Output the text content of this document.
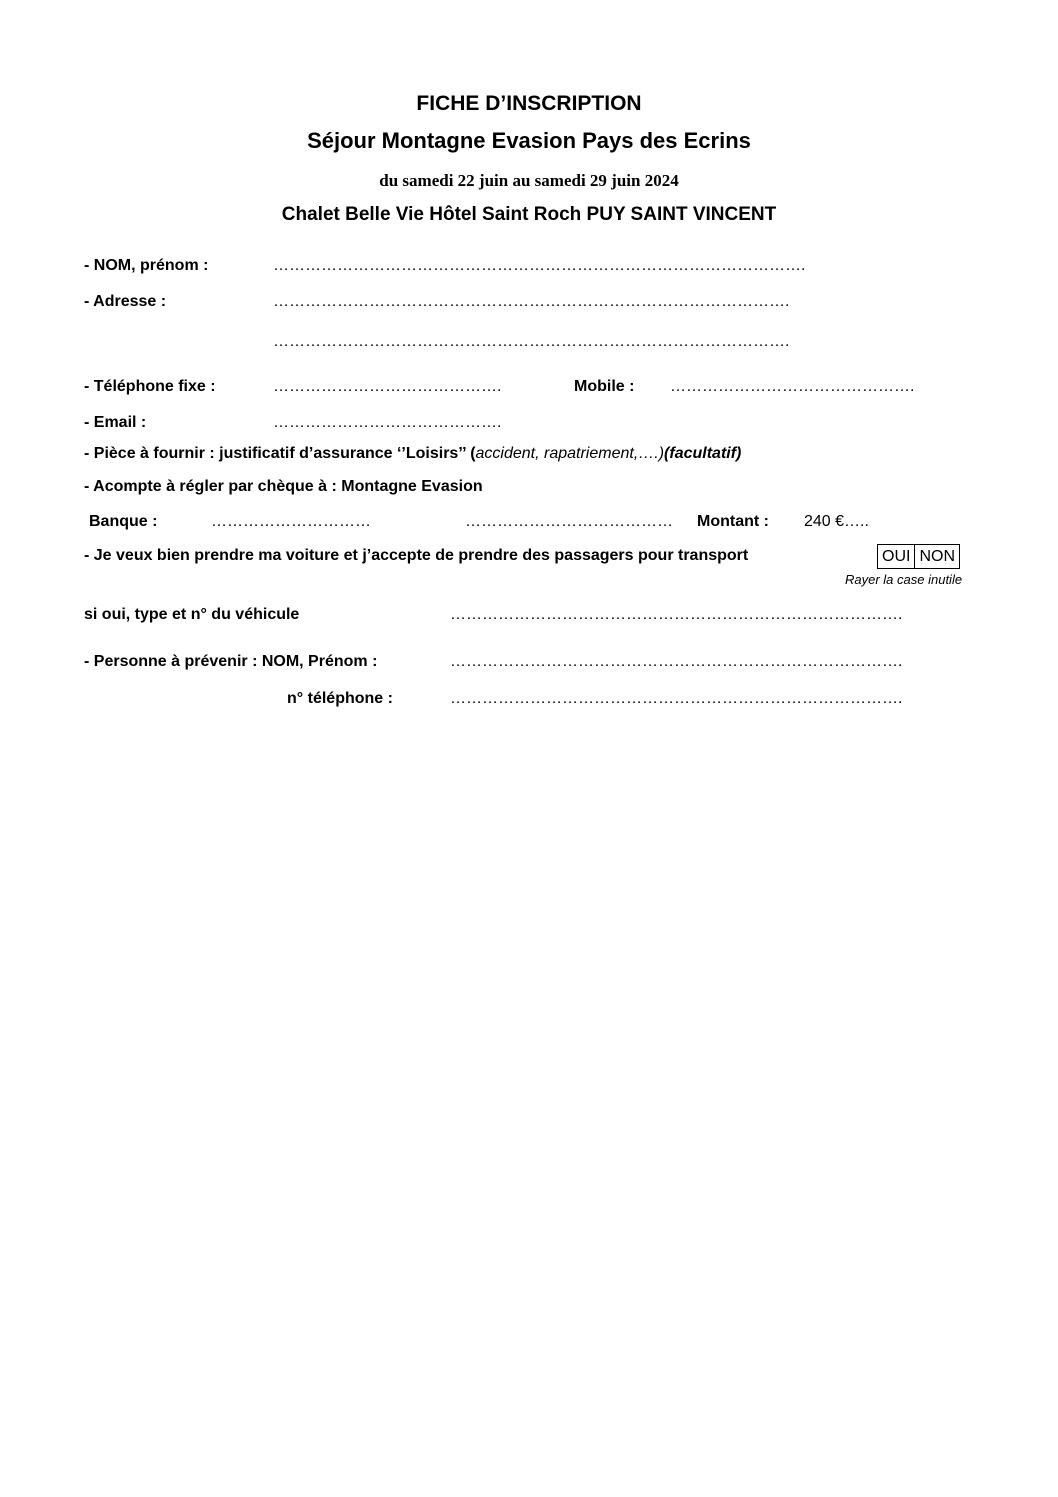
FICHE D’INSCRIPTION
Séjour Montagne Evasion Pays des Ecrins
du samedi 22 juin au samedi 29 juin 2024
Chalet Belle Vie Hôtel Saint Roch PUY SAINT VINCENT
- NOM, prénom :	……………………………………………………………………………………….
- Adresse :	…………………………………………………………………………………….
…………………………………………………………………………………….
- Téléphone fixe :	…………………………………….	Mobile : ……………………………………….
- Email :	…………………………………….
- Pièce à fournir : justificatif d’assurance ‘’Loisirs’’ (accident, rapatriement,….)(facultatif)
- Acompte à régler par chèque à : Montagne Evasion
Banque :	…………………………	………………………………… Montant : 240 €…..
- Je veux bien prendre ma voiture et j’accepte de prendre des passagers pour transport	OUI NON
Rayer la case inutile
si oui, type et n° du véhicule	………………………………………………………………………….
- Personne à prévenir : NOM, Prénom :	………………………………………………………………………….
n° téléphone :	………………………………………………………………………….
